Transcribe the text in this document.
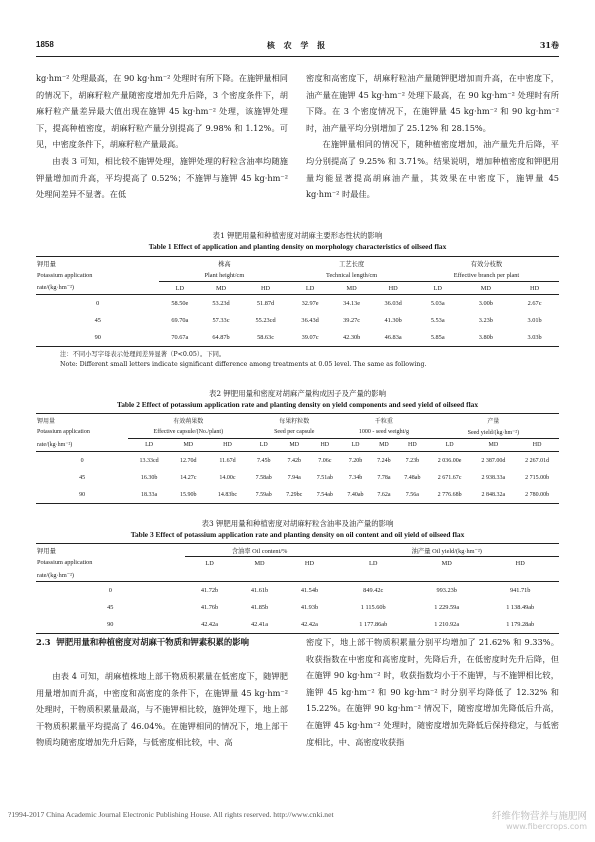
1858	核 农 学 报	31卷

kg·hm⁻² 处理最高，在 90 kg·hm⁻² 处理时有所下降。在施钾量相同的情况下，胡麻籽粒产量随密度增加先升后降，3 个密度条件下，胡麻籽粒产量差异最大值出现在施钾 45 kg·hm⁻² 处理，该施钾处理下，提高种植密度，胡麻籽粒产量分别提高了 9.98% 和 1.12%。可见，中密度条件下，胡麻籽粒产量最高。

由表 3 可知，相比较不施钾处理，施钾处理的籽粒含油率均随施钾量增加而升高，平均提高了 0.52%；不施钾与施钾 45 kg·hm⁻² 处理间差异不显著。在低

密度和高密度下，胡麻籽粒油产量随钾肥增加而升高，在中密度下，油产量在施钾 45 kg·hm⁻² 处理下最高，在 90 kg·hm⁻² 处理时有所下降。在 3 个密度情况下，在施钾量 45 kg·hm⁻² 和 90 kg·hm⁻² 时，油产量平均分别增加了 25.12% 和 28.15%。

在施钾量相同的情况下，随种植密度增加，油产量先升后降，平均分别提高了 9.25% 和 3.71%。结果说明，增加种植密度和钾肥用量均能显著提高胡麻油产量，其效果在中密度下，施钾量 45 kg·hm⁻² 时最佳。

表1 钾肥用量和种植密度对胡麻主要形态性状的影响
Table 1 Effect of application and planting density on morphology characteristics of oilseed flax
钾用量	株高			工艺长度			有效分枝数		
Potassium application	Plant height/cm			Technical length/cm			Effective branch per plant		
rate/(kg·hm⁻²)	LD	MD	HD	LD	MD	HD	LD	MD	HD
0	58.50e	53.23d	51.87d	32.97e	34.13e	36.03d	5.03a	3.00b	2.67c
45	69.70a	57.33c	55.23cd	36.43d	39.27c	41.30b	5.53a	3.23b	3.01b
90	70.67a	64.87b	58.63c	39.07c	42.30b	46.83a	5.85a	3.80b	3.03b
注：不同小写字母表示处理间差异显著（P<0.05）。下同。
Note: Different small letters indicate significant difference among treatments at 0.05 level. The same as following.
表2 钾肥用量和密度对胡麻产量构成因子及产量的影响
Table 2 Effect of potassium application rate and planting density on yield components and seed yield of oilseed flax
钾用量	有效蒴果数			每果籽粒数			千粒重			产量		
Potassium application	Effective capsule/(No./plant)			Seed per capsule			1000 - seed weight/g			Seed yield/(kg·hm⁻²)		
rate/(kg·hm⁻²)	LD	MD	HD	LD	MD	HD	LD	MD	HD	LD	MD	HD
0	13.33cd	12.70d	11.67d	7.45b	7.42b	7.06c	7.20b	7.24b	7.23b	2 036.00e	2 387.00d	2 267.01d
45	16.30b	14.27c	14.00c	7.58ab	7.94a	7.51ab	7.34b	7.78a	7.48ab	2 671.67c	2 938.33a	2 715.00b
90	18.33a	15.90b	14.83bc	7.59ab	7.29bc	7.54ab	7.40ab	7.62a	7.56a	2 776.68b	2 848.32a	2 780.00b
表3 钾肥用量和种植密度对胡麻籽粒含油率及油产量的影响
Table 3 Effect of potassium application rate and planting density on oil content and oil yield of oilseed flax
钾用量	含油率 Oil content/%			油产量 Oil yield/(kg·hm⁻²)		
Potassium application	LD	MD	HD	LD	MD	HD
rate/(kg·hm⁻²)						
0	41.72b	41.61b	41.54b	849.42c	993.23b	941.71b
45	41.76b	41.85b	41.93b	1 115.60b	1 229.59a	1 138.49ab
90	42.42a	42.41a	42.42a	1 177.86ab	1 210.92a	1 179.28ab
2.3 钾肥用量和种植密度对胡麻干物质和钾素积累的影响

由表 4 可知，胡麻植株地上部干物质积累量在低密度下，随钾肥用量增加而升高，中密度和高密度的条件下，在施钾量 45 kg·hm⁻² 处理时，干物质积累量最高，与不施钾相比较，施钾处理下，地上部干物质积累量平均提高了 46.04%。在施钾相同的情况下，地上部干物质均随密度增加先升后降，与低密度相比较，中、高

密度下，地上部干物质积累量分别平均增加了 21.62% 和 9.33%。收获指数在中密度和高密度时，先降后升，在低密度时先升后降，但在施钾 90 kg·hm⁻² 时，收获指数均小于不施钾，与不施钾相比较，施钾 45 kg·hm⁻² 和 90 kg·hm⁻² 时分别平均降低了 12.32% 和 15.22%。在施钾 90 kg·hm⁻² 情况下，随密度增加先降低后升高，在施钾 45 kg·hm⁻² 处理时，随密度增加先降低后保持稳定，与低密度相比，中、高密度收获指

?1994-2017 China Academic Journal Electronic Publishing House. All rights reserved. http://www.cnki.net	纤维作物营养与施肥网
www.fibercrops.com
